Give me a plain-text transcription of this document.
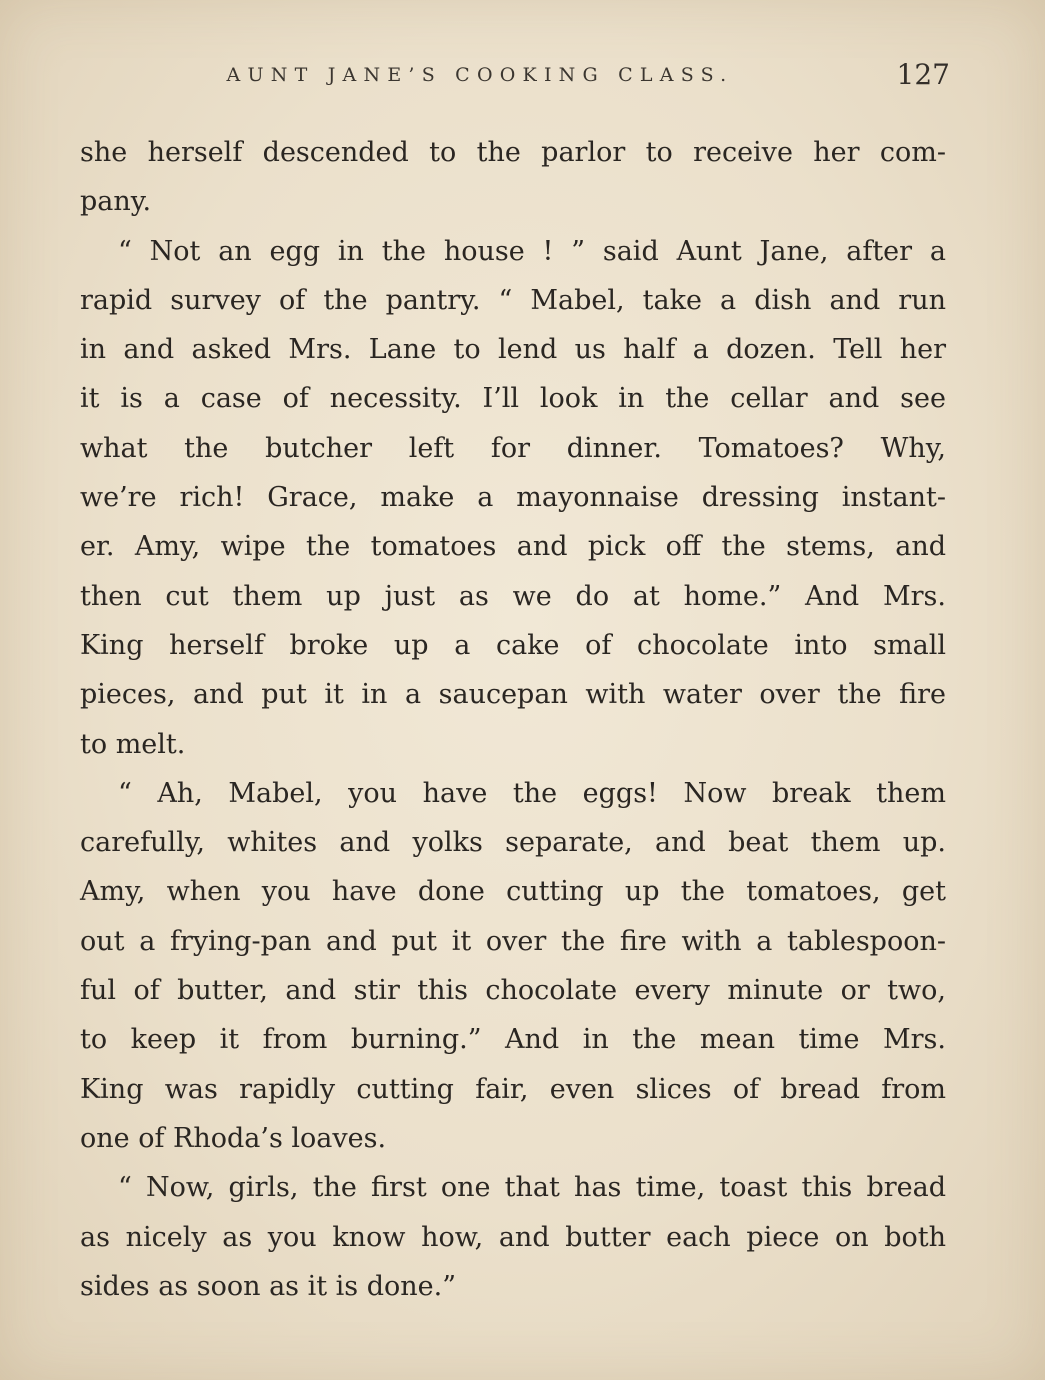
AUNT JANE’S COOKING CLASS.	127
she herself descended to the parlor to receive her com-
pany.
“ Not an egg in the house ! ” said Aunt Jane, after a
rapid survey of the pantry. “ Mabel, take a dish and run
in and asked Mrs. Lane to lend us half a dozen. Tell her
it is a case of necessity. I’ll look in the cellar and see
what the butcher left for dinner. Tomatoes? Why,
we’re rich! Grace, make a mayonnaise dressing instant-
er. Amy, wipe the tomatoes and pick off the stems, and
then cut them up just as we do at home.” And Mrs.
King herself broke up a cake of chocolate into small
pieces, and put it in a saucepan with water over the fire
to melt.
“ Ah, Mabel, you have the eggs! Now break them
carefully, whites and yolks separate, and beat them up.
Amy, when you have done cutting up the tomatoes, get
out a frying-pan and put it over the fire with a tablespoon-
ful of butter, and stir this chocolate every minute or two,
to keep it from burning.” And in the mean time Mrs.
King was rapidly cutting fair, even slices of bread from
one of Rhoda’s loaves.
“ Now, girls, the first one that has time, toast this bread
as nicely as you know how, and butter each piece on both
sides as soon as it is done.”
